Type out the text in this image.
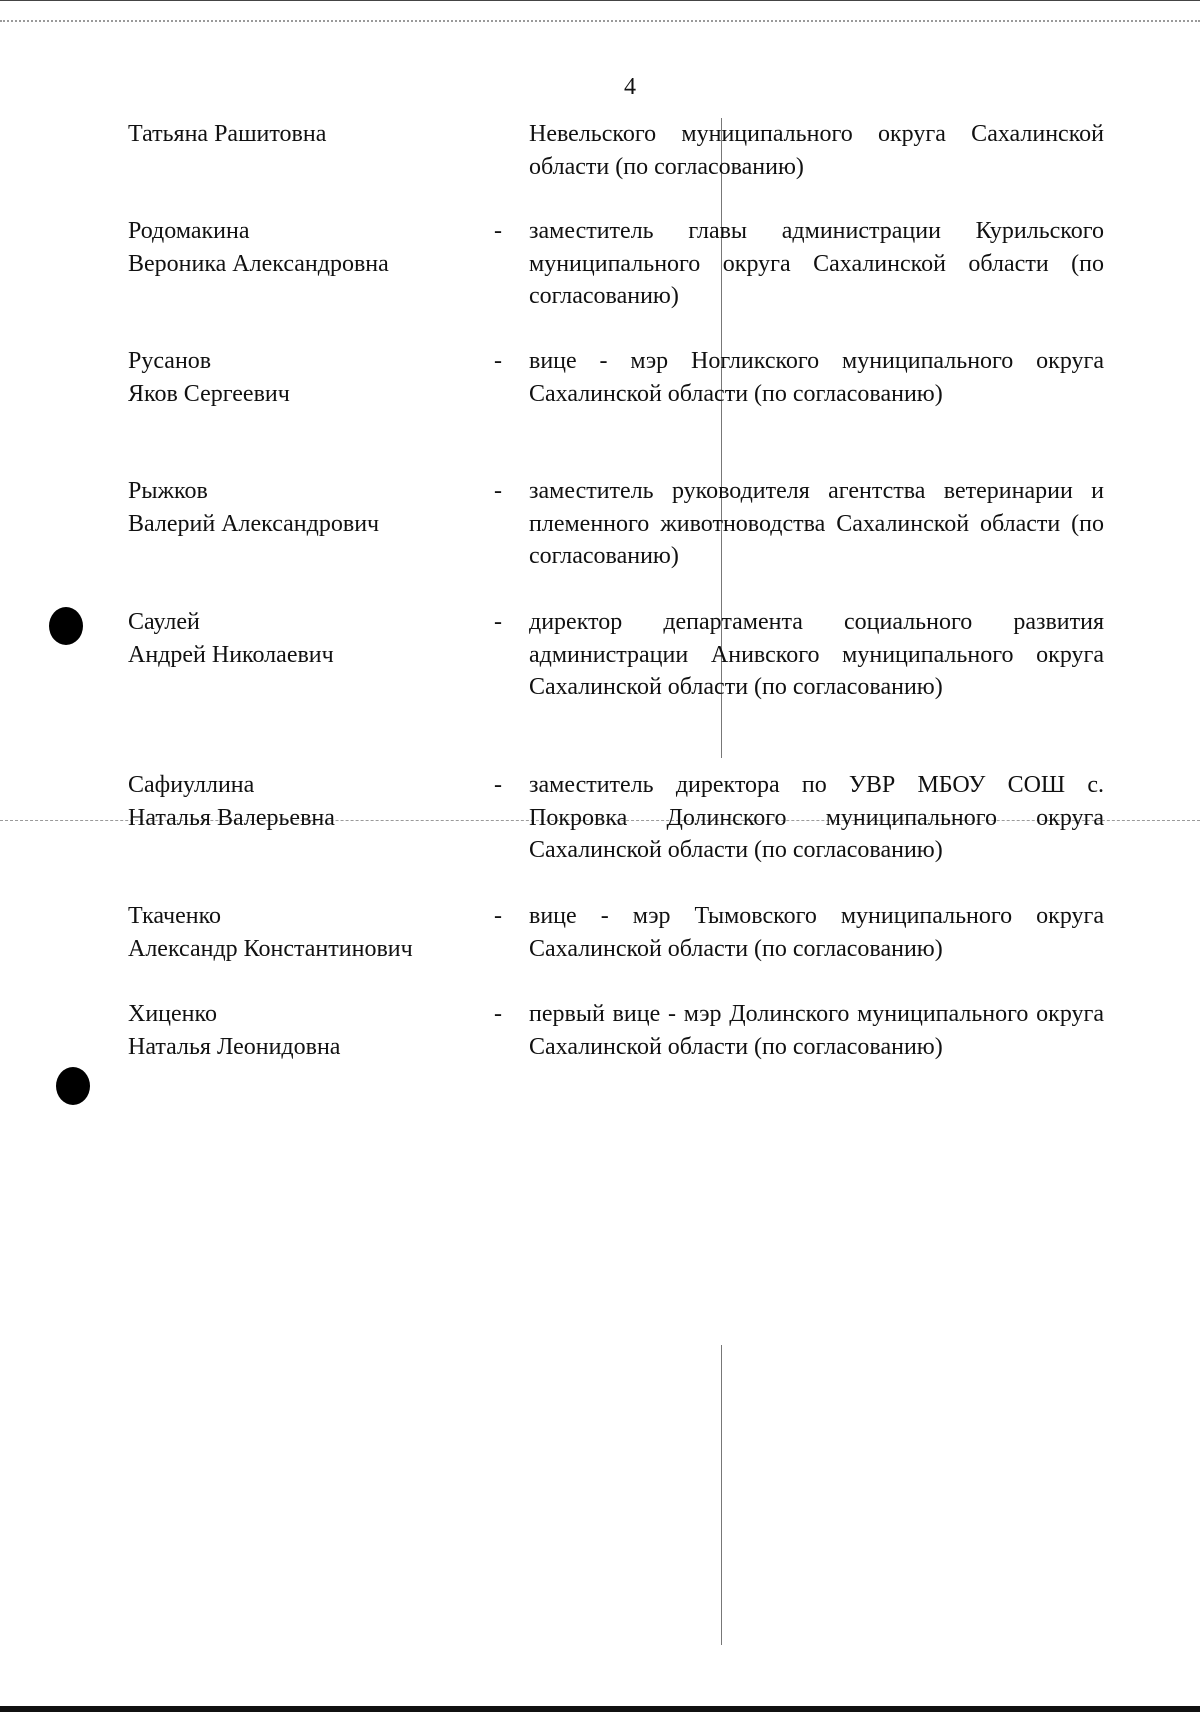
4
Татьяна Рашитовна	Невельского муниципального округа Сахалинской области (по согласованию)
Родомакина
Вероника Александровна
- заместитель главы администрации Курильского муниципального округа Сахалинской области (по согласованию)
Русанов
Яков Сергеевич
- вице - мэр Ногликского муниципального округа Сахалинской области (по согласованию)
Рыжков
Валерий Александрович
- заместитель руководителя агентства ветеринарии и племенного животноводства Сахалинской области (по согласованию)
Саулей
Андрей Николаевич
- директор департамента социального развития администрации Анивского муниципального округа Сахалинской области (по согласованию)
Сафиуллина
Наталья Валерьевна
- заместитель директора по УВР МБОУ СОШ с. Покровка Долинского муниципального округа Сахалинской области (по согласованию)
Ткаченко
Александр Константинович
- вице - мэр Тымовского муниципального округа Сахалинской области (по согласованию)
Хиценко
Наталья Леонидовна
- первый вице - мэр Долинского муниципального округа Сахалинской области (по согласованию)
